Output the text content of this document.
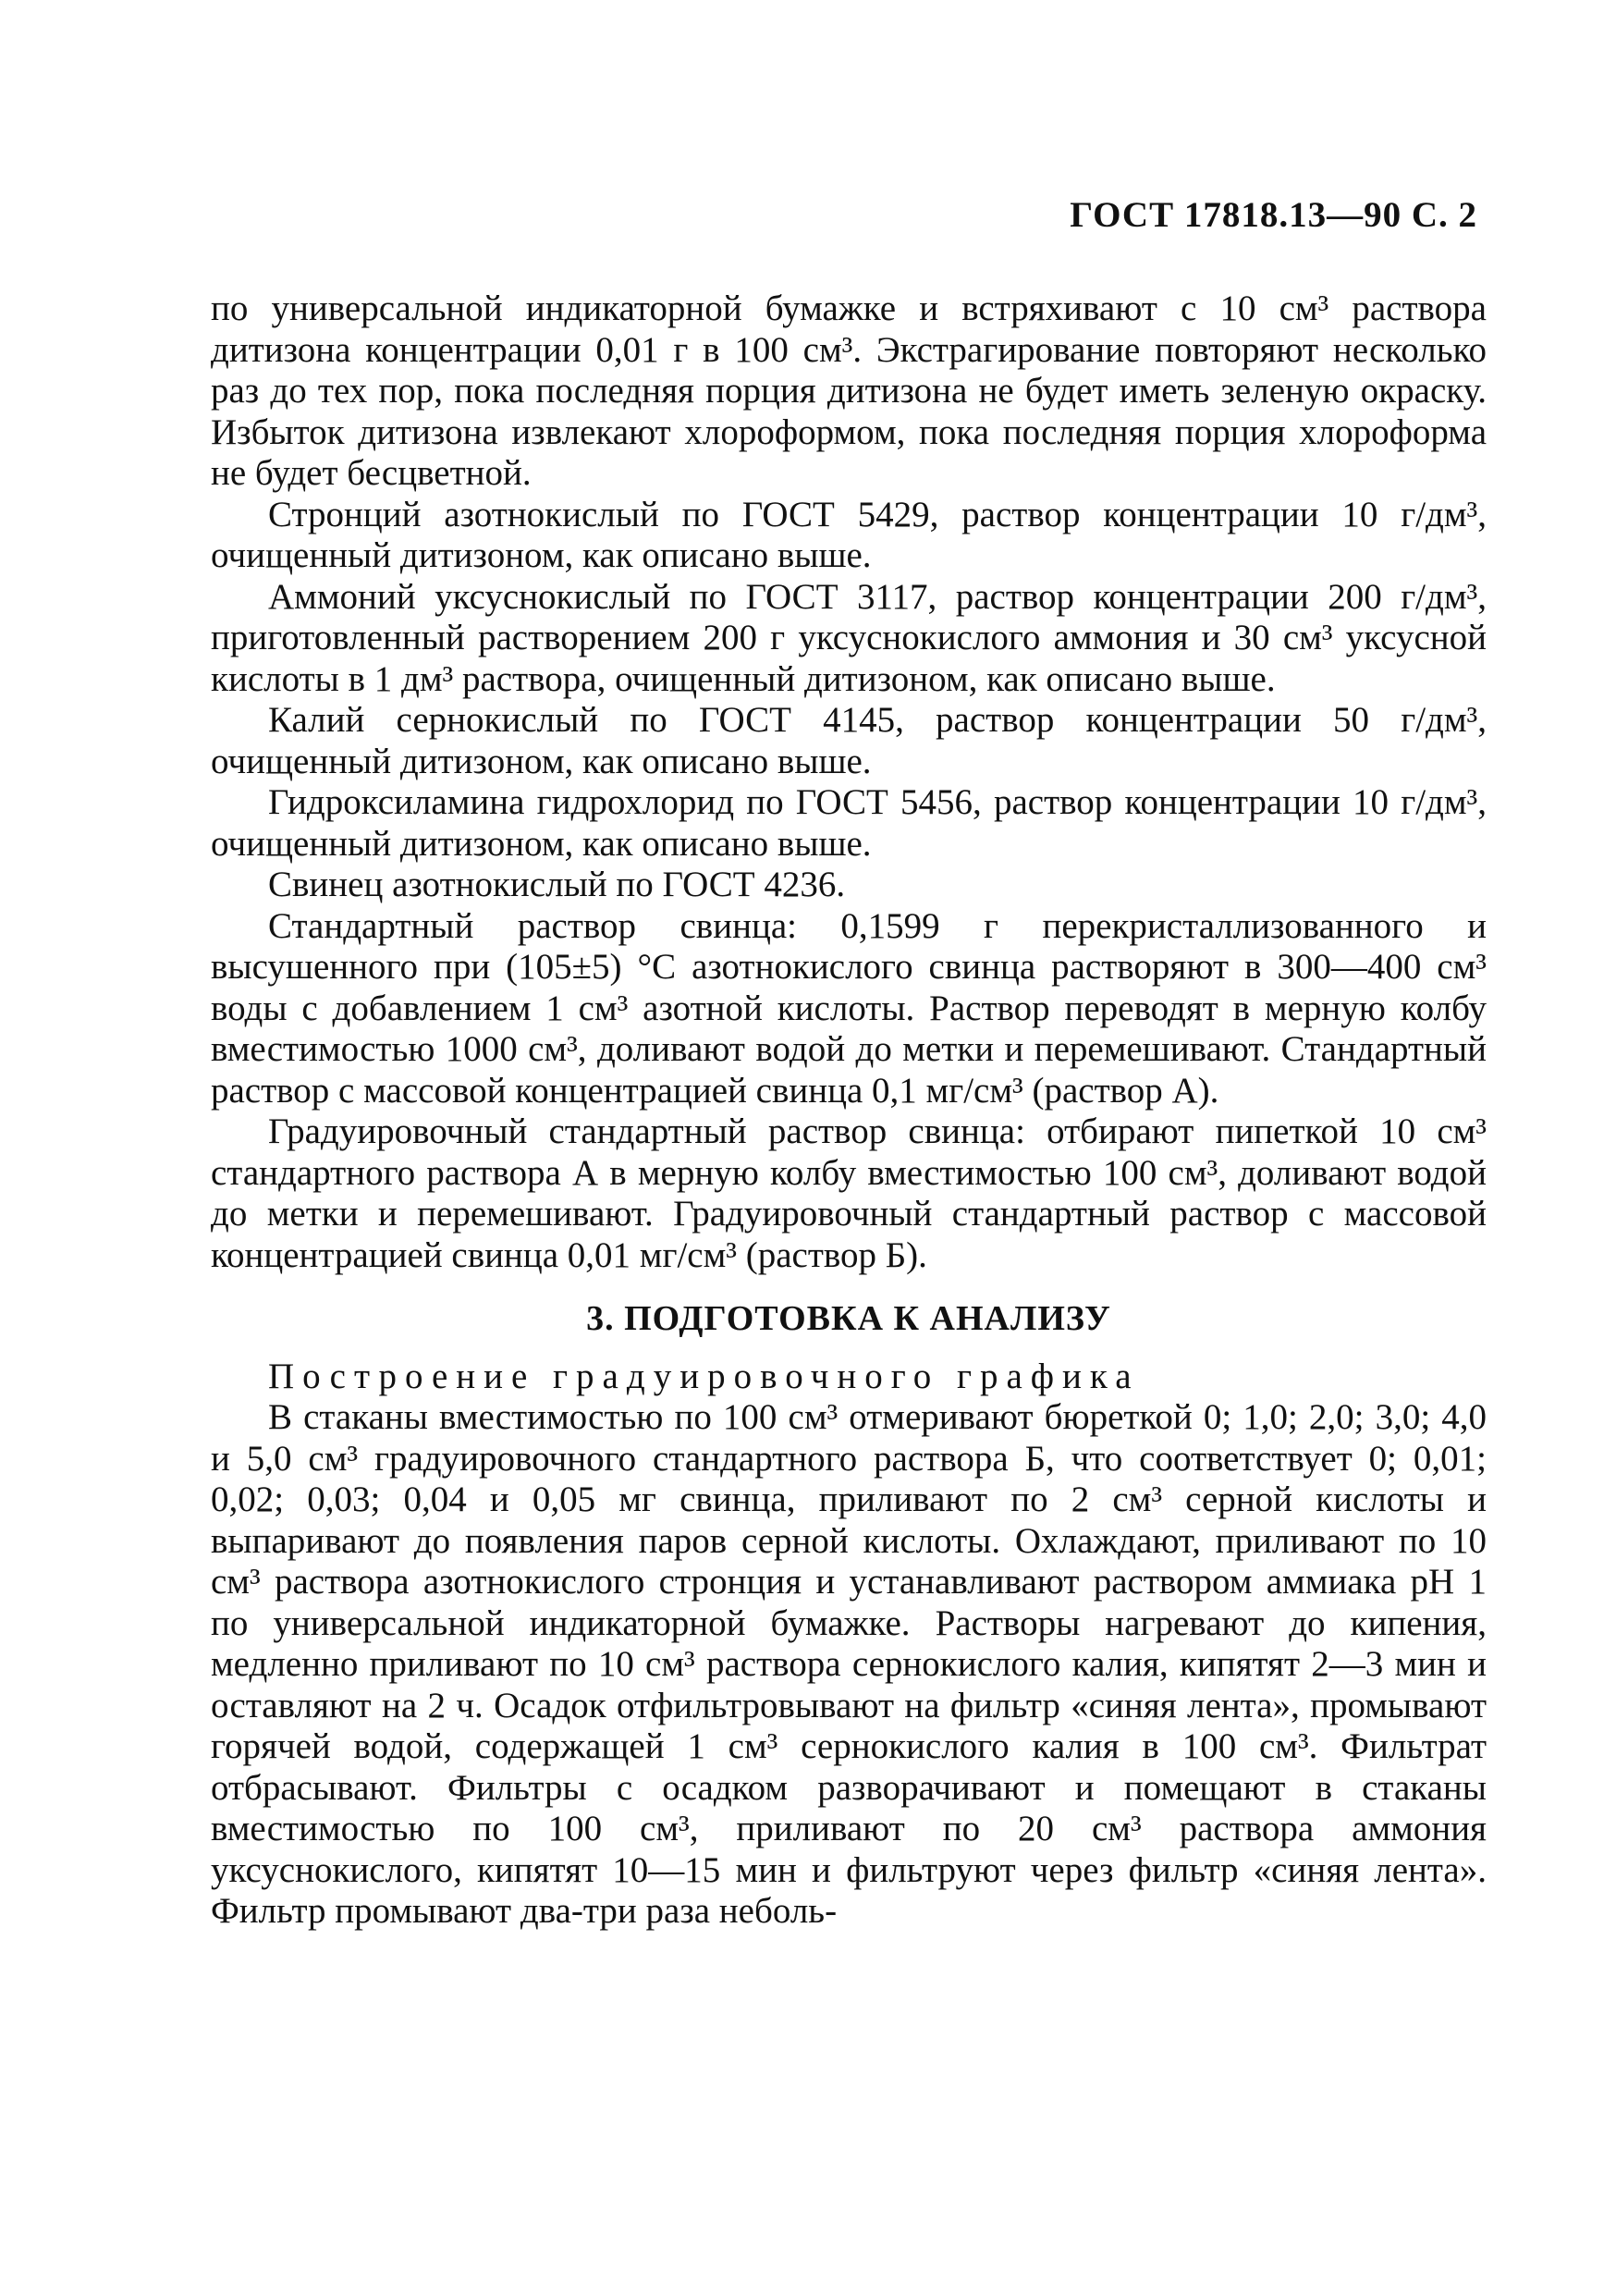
ГОСТ 17818.13—90 С. 2

по универсальной индикаторной бумажке и встряхивают с 10 см³ раствора дитизона концентрации 0,01 г в 100 см³. Экстрагирование повторяют несколько раз до тех пор, пока последняя порция дитизона не будет иметь зеленую окраску. Избыток дитизона извлекают хлороформом, пока последняя порция хлороформа не будет бесцветной.

Стронций азотнокислый по ГОСТ 5429, раствор концентрации 10 г/дм³, очищенный дитизоном, как описано выше.

Аммоний уксуснокислый по ГОСТ 3117, раствор концентрации 200 г/дм³, приготовленный растворением 200 г уксуснокислого аммония и 30 см³ уксусной кислоты в 1 дм³ раствора, очищенный дитизоном, как описано выше.

Калий сернокислый по ГОСТ 4145, раствор концентрации 50 г/дм³, очищенный дитизоном, как описано выше.

Гидроксиламина гидрохлорид по ГОСТ 5456, раствор концентрации 10 г/дм³, очищенный дитизоном, как описано выше.

Свинец азотнокислый по ГОСТ 4236.

Стандартный раствор свинца: 0,1599 г перекристаллизованного и высушенного при (105±5) °С азотнокислого свинца растворяют в 300—400 см³ воды с добавлением 1 см³ азотной кислоты. Раствор переводят в мерную колбу вместимостью 1000 см³, доливают водой до метки и перемешивают. Стандартный раствор с массовой концентрацией свинца 0,1 мг/см³ (раствор А).

Градуировочный стандартный раствор свинца: отбирают пипеткой 10 см³ стандартного раствора А в мерную колбу вместимостью 100 см³, доливают водой до метки и перемешивают. Градуировочный стандартный раствор с массовой концентрацией свинца 0,01 мг/см³ (раствор Б).

3. ПОДГОТОВКА К АНАЛИЗУ

Построение градуировочного графика

В стаканы вместимостью по 100 см³ отмеривают бюреткой 0; 1,0; 2,0; 3,0; 4,0 и 5,0 см³ градуировочного стандартного раствора Б, что соответствует 0; 0,01; 0,02; 0,03; 0,04 и 0,05 мг свинца, приливают по 2 см³ серной кислоты и выпаривают до появления паров серной кислоты. Охлаждают, приливают по 10 см³ раствора азотнокислого стронция и устанавливают раствором аммиака рН 1 по универсальной индикаторной бумажке. Растворы нагревают до кипения, медленно приливают по 10 см³ раствора сернокислого калия, кипятят 2—3 мин и оставляют на 2 ч. Осадок отфильтровывают на фильтр «синяя лента», промывают горячей водой, содержащей 1 см³ сернокислого калия в 100 см³. Фильтрат отбрасывают. Фильтры с осадком разворачивают и помещают в стаканы вместимостью по 100 см³, приливают по 20 см³ раствора аммония уксуснокислого, кипятят 10—15 мин и фильтруют через фильтр «синяя лента». Фильтр промывают два-три раза неболь-
